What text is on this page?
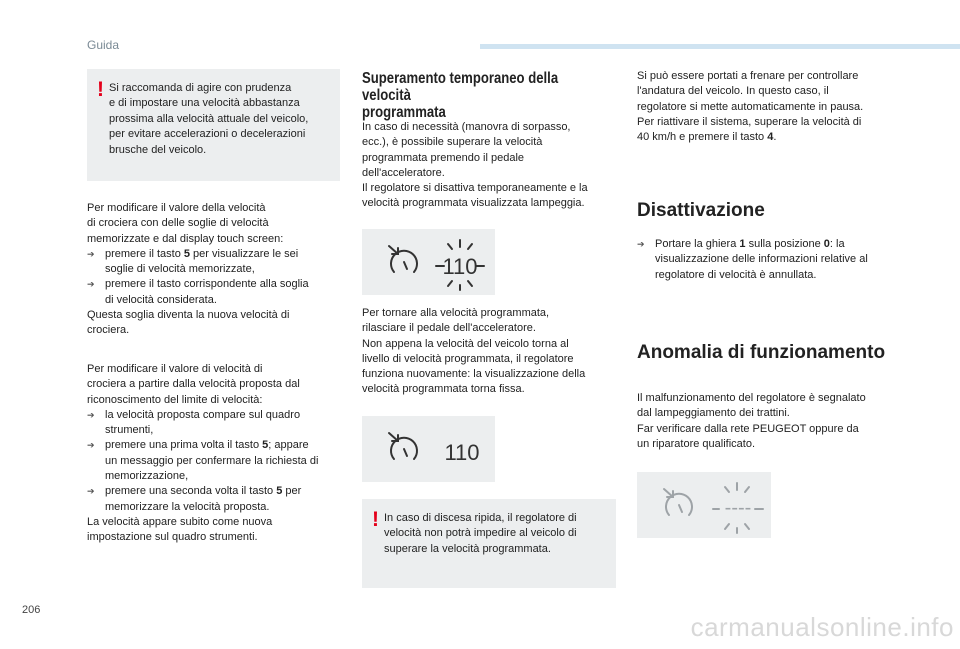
Guida
206
carmanualsonline.info
! Si raccomanda di agire con prudenza
e di impostare una velocità abbastanza
prossima alla velocità attuale del veicolo,
per evitare accelerazioni o decelerazioni
brusche del veicolo.
Per modificare il valore della velocità
di crociera con delle soglie di velocità
memorizzate e dal display touch screen:
➔ premere il tasto 5 per visualizzare le sei
soglie di velocità memorizzate,
➔ premere il tasto corrispondente alla soglia
di velocità considerata.
Questa soglia diventa la nuova velocità di
crociera.
Per modificare il valore di velocità di
crociera a partire dalla velocità proposta dal
riconoscimento del limite di velocità:
➔ la velocità proposta compare sul quadro
strumenti,
➔ premere una prima volta il tasto 5; appare
un messaggio per confermare la richiesta di
memorizzazione,
➔ premere una seconda volta il tasto 5 per
memorizzare la velocità proposta.
La velocità appare subito come nuova
impostazione sul quadro strumenti.
Superamento temporaneo della velocità
programmata
In caso di necessità (manovra di sorpasso,
ecc.), è possibile superare la velocità
programmata premendo il pedale
dell'acceleratore.
Il regolatore si disattiva temporaneamente e la
velocità programmata visualizzata lampeggia.
110
Per tornare alla velocità programmata,
rilasciare il pedale dell'acceleratore.
Non appena la velocità del veicolo torna al
livello di velocità programmata, il regolatore
funziona nuovamente: la visualizzazione della
velocità programmata torna fissa.
110
! In caso di discesa ripida, il regolatore di
velocità non potrà impedire al veicolo di
superare la velocità programmata.
Si può essere portati a frenare per controllare
l'andatura del veicolo. In questo caso, il
regolatore si mette automaticamente in pausa.
Per riattivare il sistema, superare la velocità di
40 km/h e premere il tasto 4.
Disattivazione
➔ Portare la ghiera 1 sulla posizione 0: la
visualizzazione delle informazioni relative al
regolatore di velocità è annullata.
Anomalia di funzionamento
Il malfunzionamento del regolatore è segnalato
dal lampeggiamento dei trattini.
Far verificare dalla rete PEUGEOT oppure da
un riparatore qualificato.
----
